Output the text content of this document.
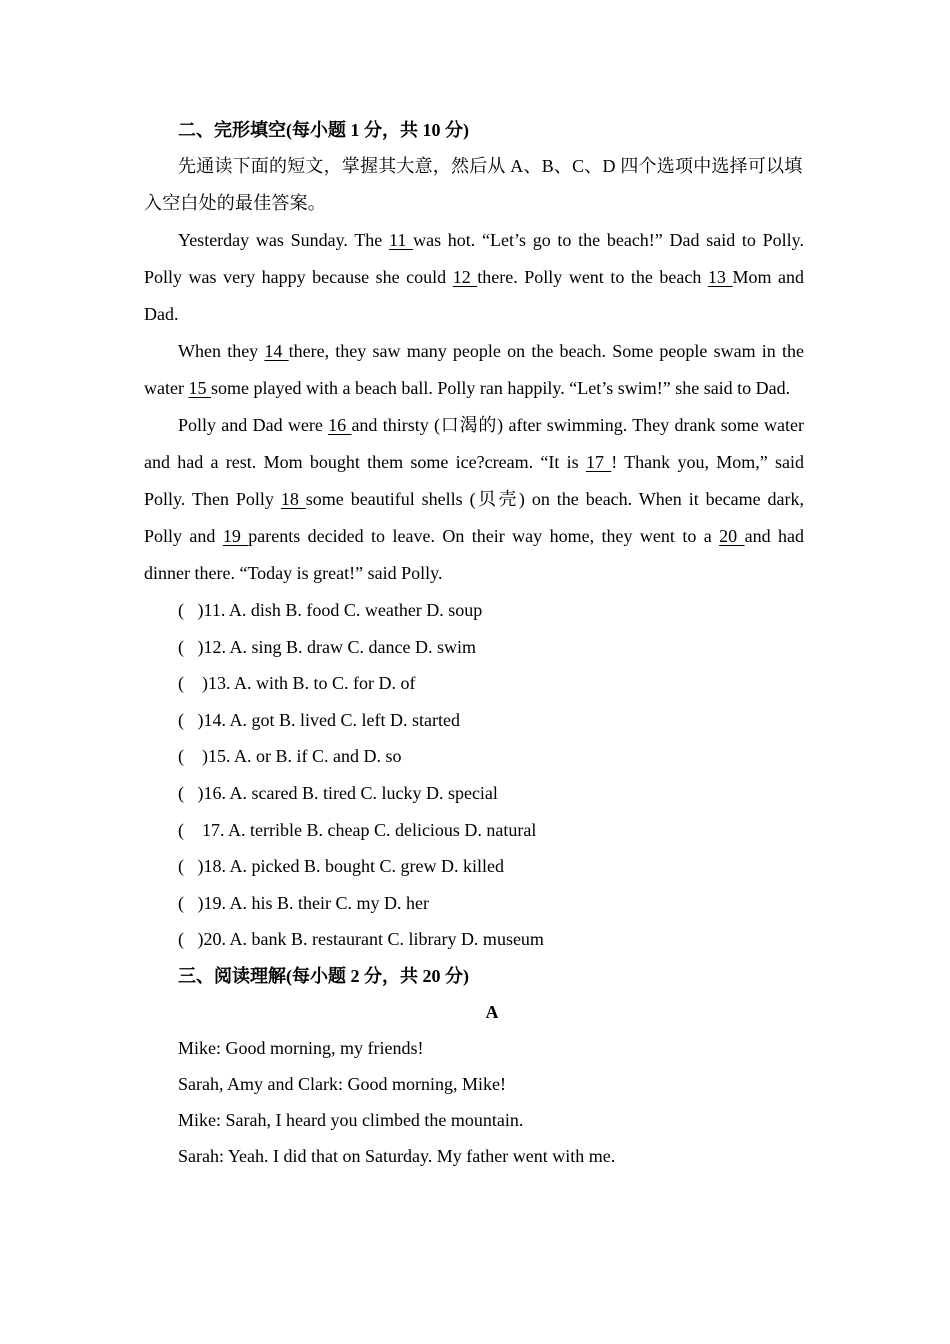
二、完形填空(每小题 1 分，共 10 分)

先通读下面的短文，掌握其大意，然后从 A、B、C、D 四个选项中选择可以填入空白处的最佳答案。

Yesterday was Sunday. The 11 was hot. “Let’s go to the beach!” Dad said to Polly. Polly was very happy because she could 12 there. Polly went to the beach 13 Mom and Dad.

When they 14 there, they saw many people on the beach. Some people swam in the water 15 some played with a beach ball. Polly ran happily. “Let’s swim!” she said to Dad.

Polly and Dad were 16 and thirsty (口渴的) after swimming. They drank some water and had a rest. Mom bought them some ice?cream. “It is 17 ! Thank you, Mom,” said Polly. Then Polly 18 some beautiful shells (贝壳) on the beach. When it became dark, Polly and 19 parents decided to leave. On their way home, they went to a 20 and had dinner there. “Today is great!” said Polly.

(   )11. A. dish B. food C. weather D. soup
(   )12. A. sing B. draw C. dance D. swim
(    )13. A. with B. to C. for D. of
(   )14. A. got B. lived C. left D. started
(    )15. A. or B. if C. and D. so
(   )16. A. scared B. tired C. lucky D. special
(    17. A. terrible B. cheap C. delicious D. natural
(   )18. A. picked B. bought C. grew D. killed
(   )19. A. his B. their C. my D. her
(   )20. A. bank B. restaurant C. library D. museum

三、阅读理解(每小题 2 分，共 20 分)

A

Mike: Good morning, my friends!

Sarah, Amy and Clark: Good morning, Mike!

Mike: Sarah, I heard you climbed the mountain.

Sarah: Yeah. I did that on Saturday. My father went with me.
